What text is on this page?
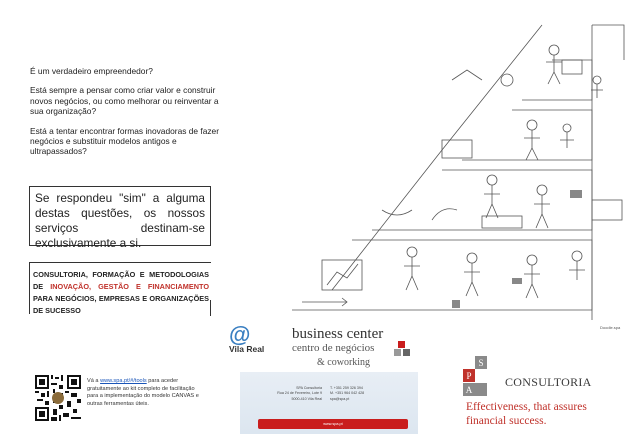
É um verdadeiro empreendedor?

Está sempre a pensar como criar valor e construir novos negócios, ou como melhorar ou reinventar a sua organização?

Está a tentar encontrar formas inovadoras de fazer negócios e substituir modelos antigos e ultrapassados?

Se respondeu "sim" a alguma destas questões, os nossos serviços destinam-se exclusivamente a si.
CONSULTORIA, FORMAÇÃO E METODOLOGIAS DE INOVAÇÃO, GESTÃO E FINANCIAMENTO PARA NEGÓCIOS, EMPRESAS E ORGANIZAÇÕES DE SUCESSO
Doodle.spa
Vá a www.spa.pt/#/tools para aceder gratuitamente ao kit completo de facilitação para a implementação do modelo CANVAS e outras ferramentas úteis.
@
Vila Real
business center
centro de negócios
& coworking
SPA Consultoria
Rua 24 de Fevereiro, Lote 9
5000-410 Vila Real
T. +351 259 326 394
M. +351 964 042 428
spa@spa.pt
www.spa.pt
S
P
A
CONSULTORIA
Effectiveness, that assures
financial success.
